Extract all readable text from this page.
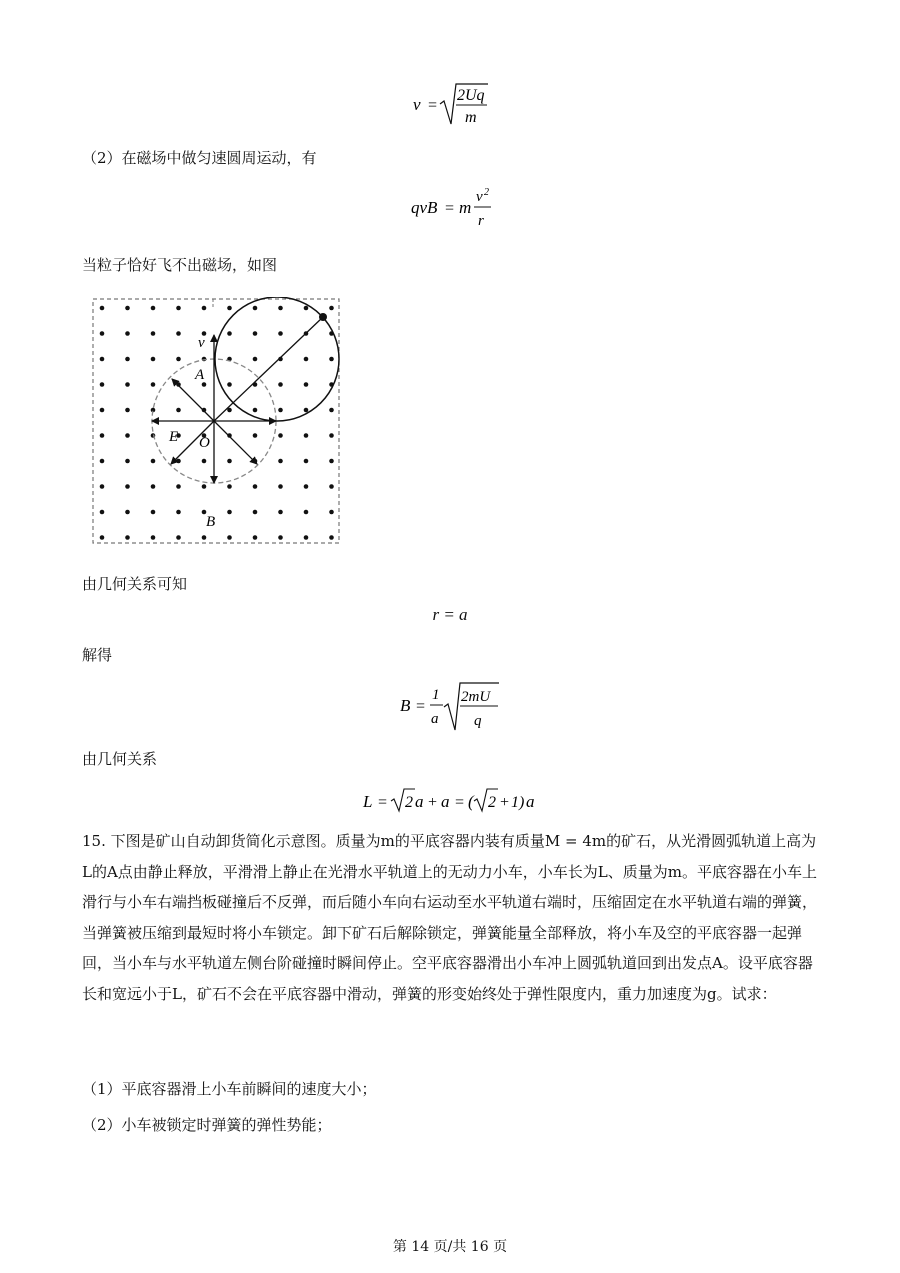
v =
2Uq
m
（2）在磁场中做匀速圆周运动，有
qvB = m
v 2
r
当粒子恰好飞不出磁场，如图
v
A
E O
B
由几何关系可知
r = a
解得
B =
1
a
2mU
q
由几何关系
L = 2 a + a = ( 2 + 1) a
15. 下图是矿山自动卸货简化示意图。质量为m的平底容器内装有质量M = 4m的矿石，从光滑圆弧轨道上高为L的A点由静止释放，平滑滑上静止在光滑水平轨道上的无动力小车，小车长为L、质量为m。平底容器在小车上滑行与小车右端挡板碰撞后不反弹，而后随小车向右运动至水平轨道右端时，压缩固定在水平轨道右端的弹簧，当弹簧被压缩到最短时将小车锁定。卸下矿石后解除锁定，弹簧能量全部释放，将小车及空的平底容器一起弹回，当小车与水平轨道左侧台阶碰撞时瞬间停止。空平底容器滑出小车冲上圆弧轨道回到出发点A。设平底容器长和宽远小于L，矿石不会在平底容器中滑动，弹簧的形变始终处于弹性限度内，重力加速度为g。试求：
（1）平底容器滑上小车前瞬间的速度大小；
（2）小车被锁定时弹簧的弹性势能；
第 14 页/共 16 页
